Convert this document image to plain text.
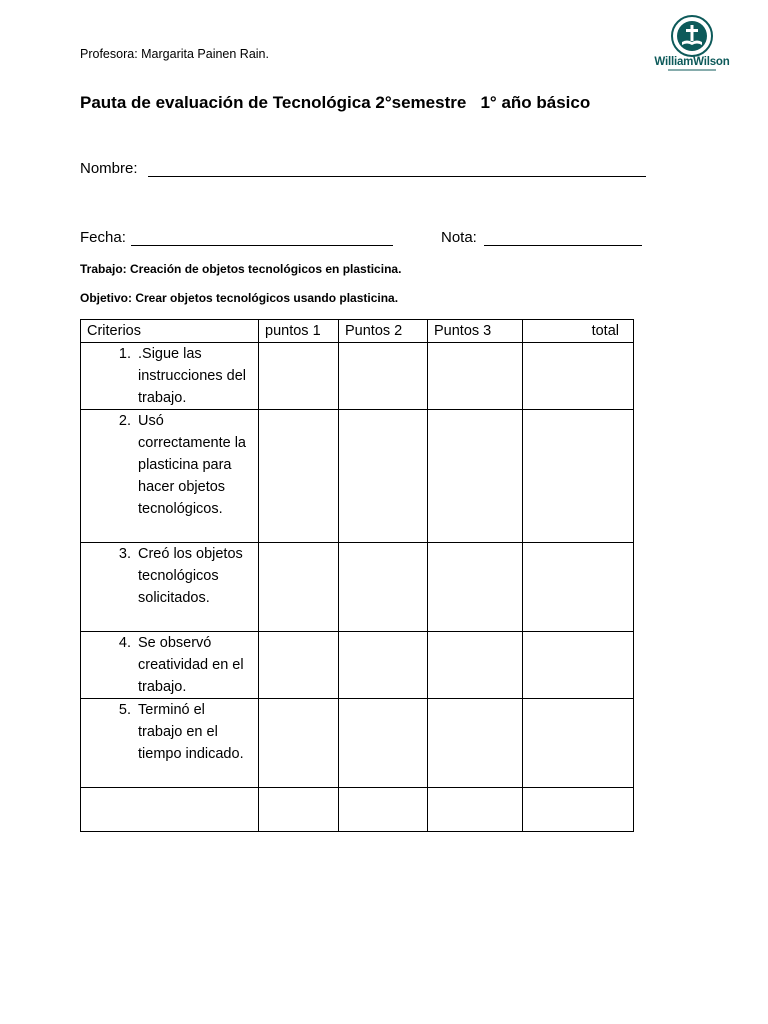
Profesora: Margarita Painen Rain.
WilliamWilson
Pauta de evaluación de Tecnológica 2°semestre   1° año básico
Nombre:
Fecha:	Nota:
Trabajo: Creación de objetos tecnológicos en plasticina.
Objetivo: Crear objetos tecnológicos usando plasticina.
Criterios	puntos 1	Puntos 2	Puntos 3	total

1. .Sigue las instrucciones del trabajo.				

2. Usó correctamente la plasticina para hacer objetos tecnológicos.				

3. Creó los objetos tecnológicos solicitados.				

4. Se observó creatividad en el trabajo.				

5. Terminó el trabajo en el tiempo indicado.				
